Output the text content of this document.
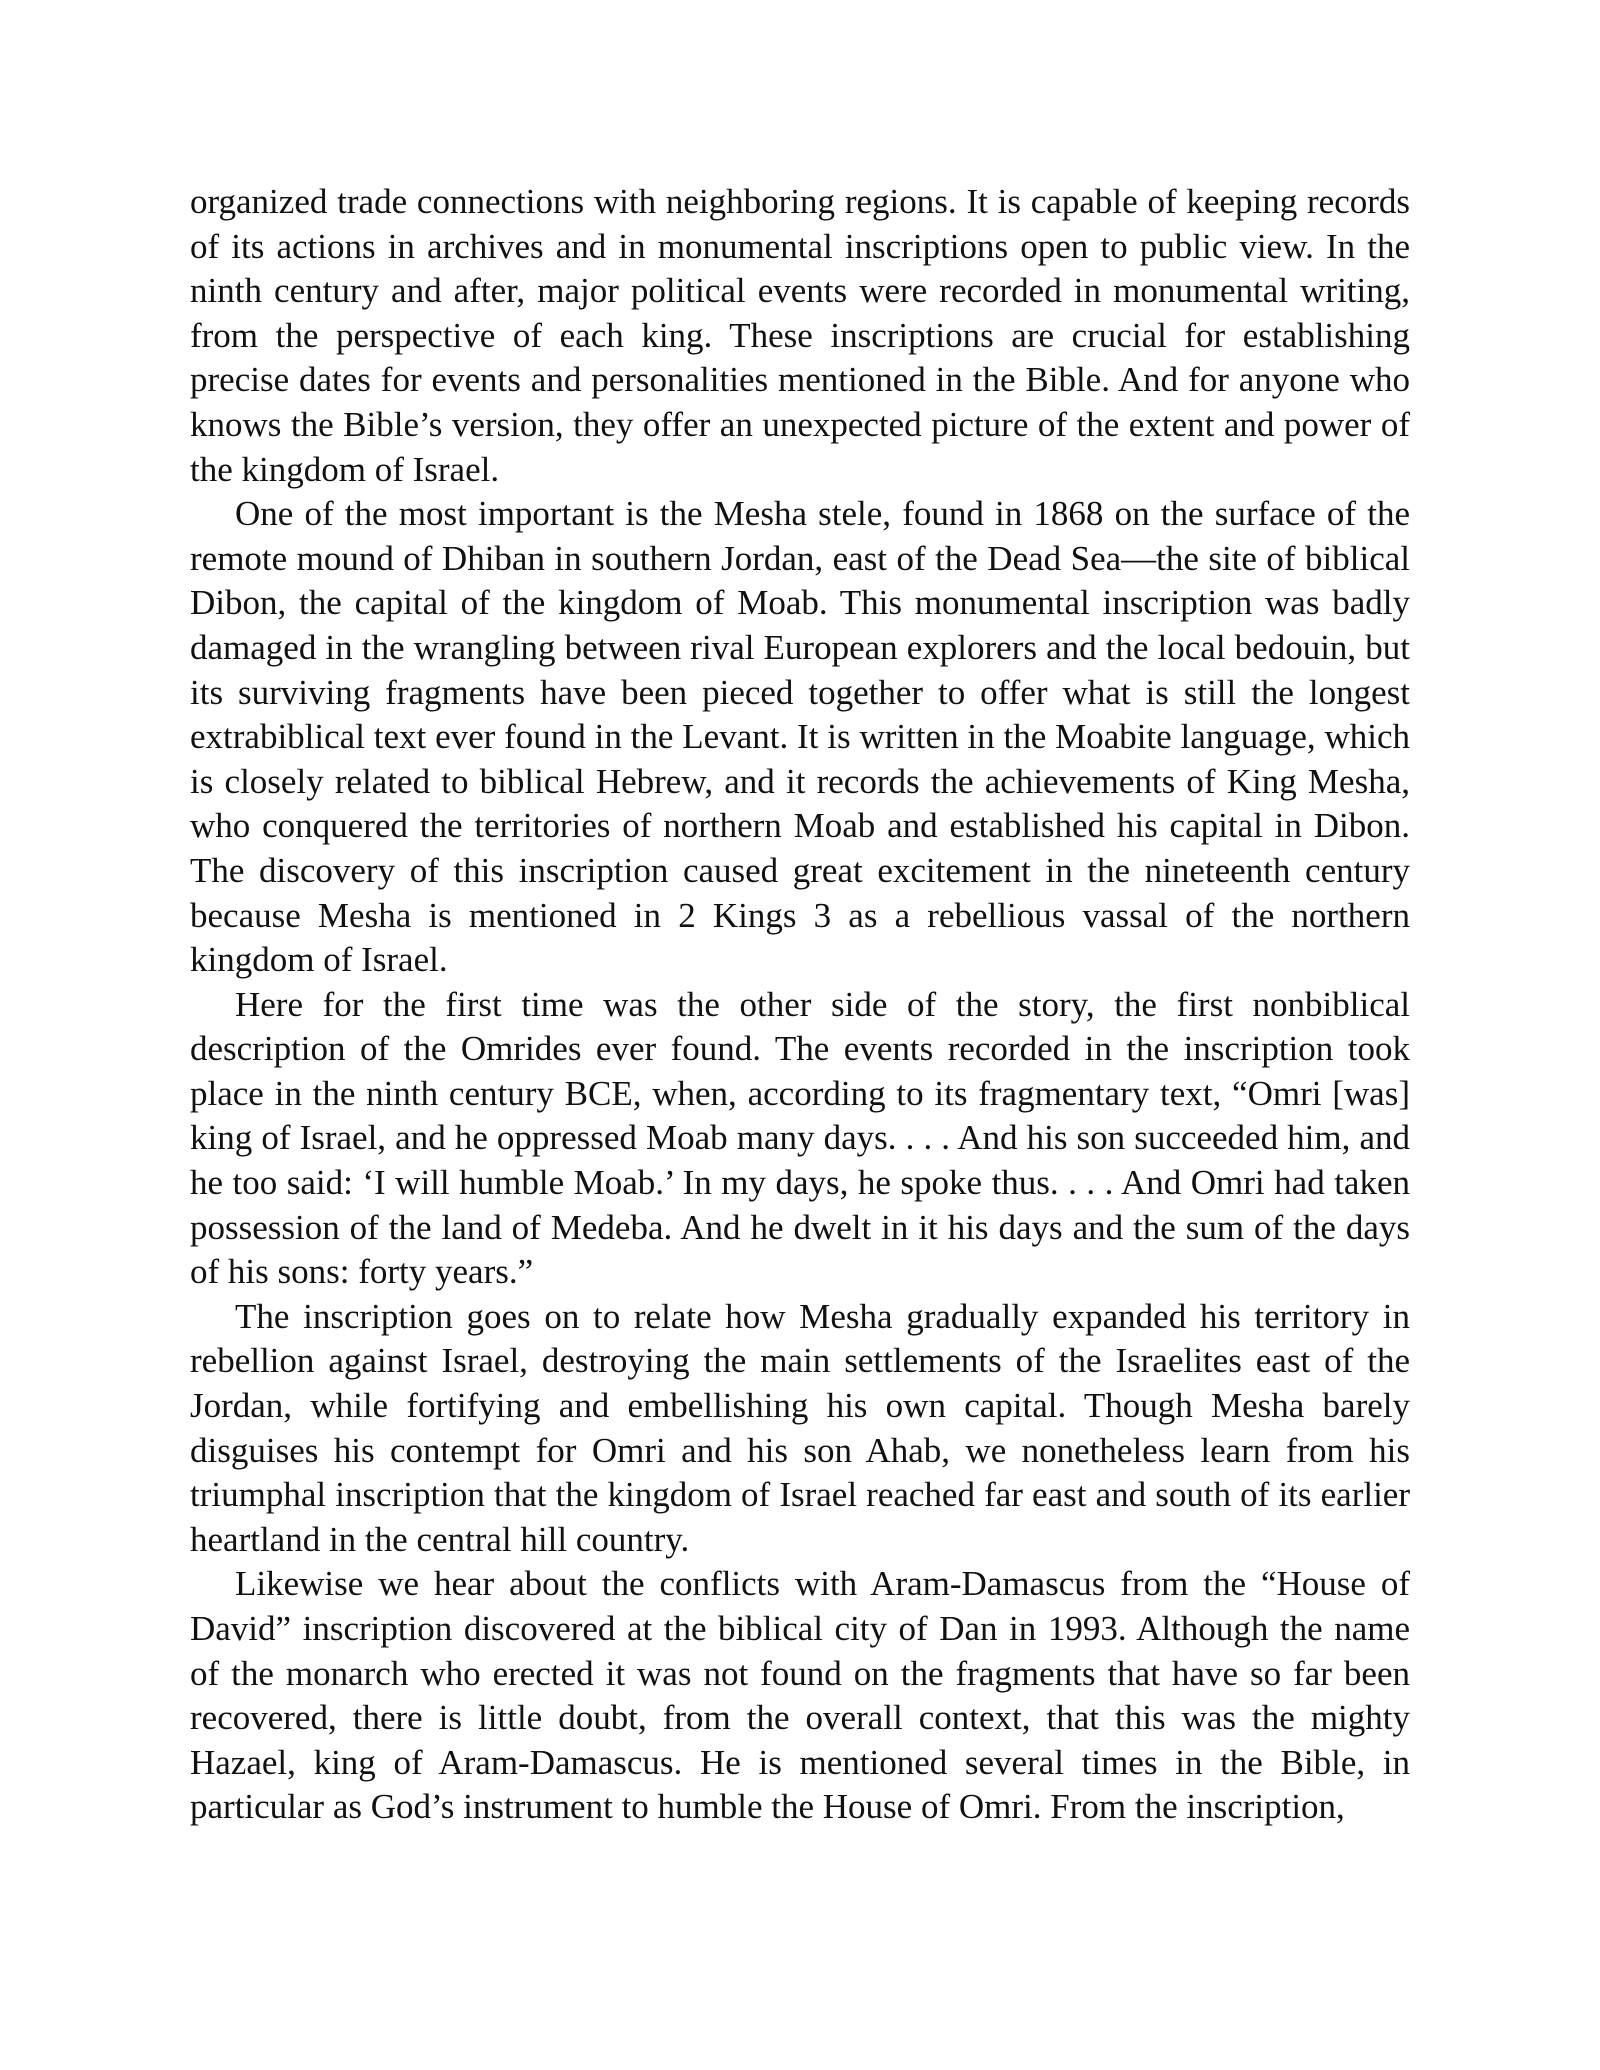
organized trade connections with neighboring regions. It is capable of keeping records of its actions in archives and in monumental inscriptions open to public view. In the ninth century and after, major political events were recorded in monumental writing, from the perspective of each king. These inscriptions are crucial for establishing precise dates for events and personalities mentioned in the Bible. And for anyone who knows the Bible’s version, they offer an unexpected picture of the extent and power of the kingdom of Israel.

One of the most important is the Mesha stele, found in 1868 on the surface of the remote mound of Dhiban in southern Jordan, east of the Dead Sea—the site of biblical Dibon, the capital of the kingdom of Moab. This monumental inscription was badly damaged in the wrangling between rival European explorers and the local bedouin, but its surviving fragments have been pieced together to offer what is still the longest extrabiblical text ever found in the Levant. It is written in the Moabite language, which is closely related to biblical Hebrew, and it records the achievements of King Mesha, who conquered the territories of northern Moab and established his capital in Dibon. The discovery of this inscription caused great excitement in the nineteenth century because Mesha is mentioned in 2 Kings 3 as a rebellious vassal of the northern kingdom of Israel.

Here for the first time was the other side of the story, the first nonbiblical description of the Omrides ever found. The events recorded in the inscription took place in the ninth century BCE, when, according to its fragmentary text, “Omri [was] king of Israel, and he oppressed Moab many days. . . . And his son succeeded him, and he too said: ‘I will humble Moab.’ In my days, he spoke thus. . . . And Omri had taken possession of the land of Medeba. And he dwelt in it his days and the sum of the days of his sons: forty years.”

The inscription goes on to relate how Mesha gradually expanded his territory in rebellion against Israel, destroying the main settlements of the Israelites east of the Jordan, while fortifying and embellishing his own capital. Though Mesha barely disguises his contempt for Omri and his son Ahab, we nonetheless learn from his triumphal inscription that the kingdom of Israel reached far east and south of its earlier heartland in the central hill country.

Likewise we hear about the conflicts with Aram-Damascus from the “House of David” inscription discovered at the biblical city of Dan in 1993. Although the name of the monarch who erected it was not found on the fragments that have so far been recovered, there is little doubt, from the overall context, that this was the mighty Hazael, king of Aram-Damascus. He is mentioned several times in the Bible, in particular as God’s instrument to humble the House of Omri. From the inscription,
